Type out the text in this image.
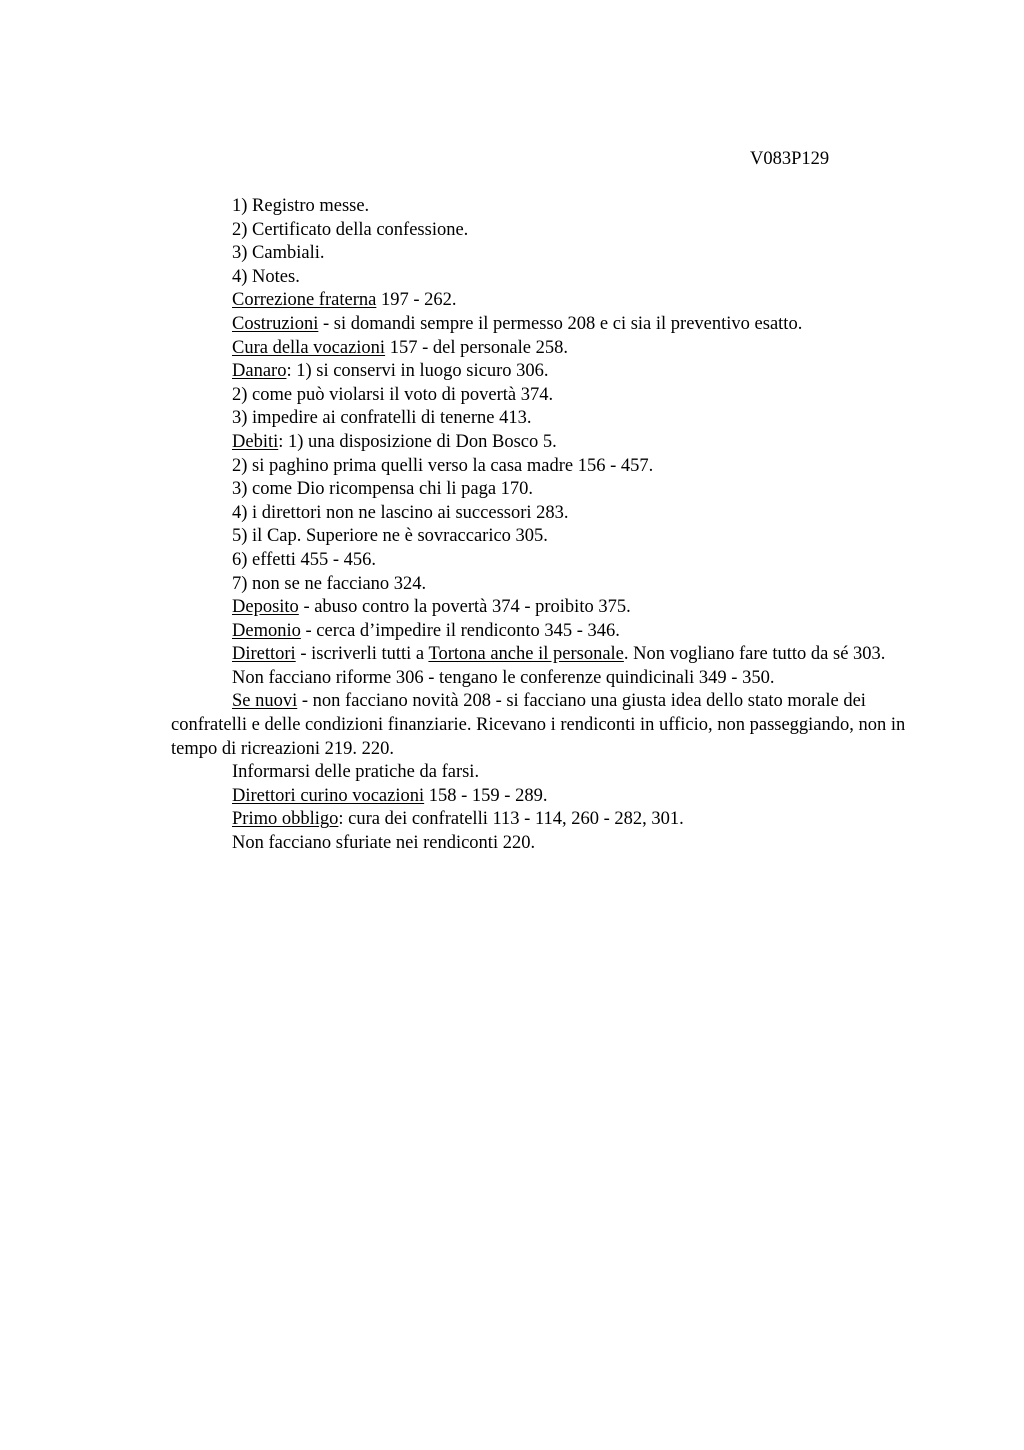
V083P129

1) Registro messe.

2) Certificato della confessione.

3) Cambiali.

4) Notes.

Correzione fraterna 197 - 262.

Costruzioni - si domandi sempre il permesso 208 e ci sia il preventivo esatto.

Cura della vocazioni 157 - del personale 258.

Danaro: 1) si conservi in luogo sicuro 306.

2) come può violarsi il voto di povertà 374.

3) impedire ai confratelli di tenerne 413.

Debiti: 1) una disposizione di Don Bosco 5.

2) si paghino prima quelli verso la casa madre 156 - 457.

3) come Dio ricompensa chi li paga 170.

4) i direttori non ne lascino ai successori 283.

5) il Cap. Superiore ne è sovraccarico 305.

6) effetti 455 - 456.

7) non se ne facciano 324.

Deposito - abuso contro la povertà 374 - proibito 375.

Demonio - cerca d’impedire il rendiconto 345 - 346.

Direttori - iscriverli tutti a Tortona anche il personale. Non vogliano fare tutto da sé 303.

Non facciano riforme 306 - tengano le conferenze quindicinali 349 - 350.

Se nuovi - non facciano novità 208 - si facciano una giusta idea dello stato morale dei confratelli e delle condizioni finanziarie. Ricevano i rendiconti in ufficio, non passeggiando, non in tempo di ricreazioni 219. 220.

Informarsi delle pratiche da farsi.

Direttori curino vocazioni 158 - 159 - 289.

Primo obbligo: cura dei confratelli 113 - 114, 260 - 282, 301.

Non facciano sfuriate nei rendiconti 220.
